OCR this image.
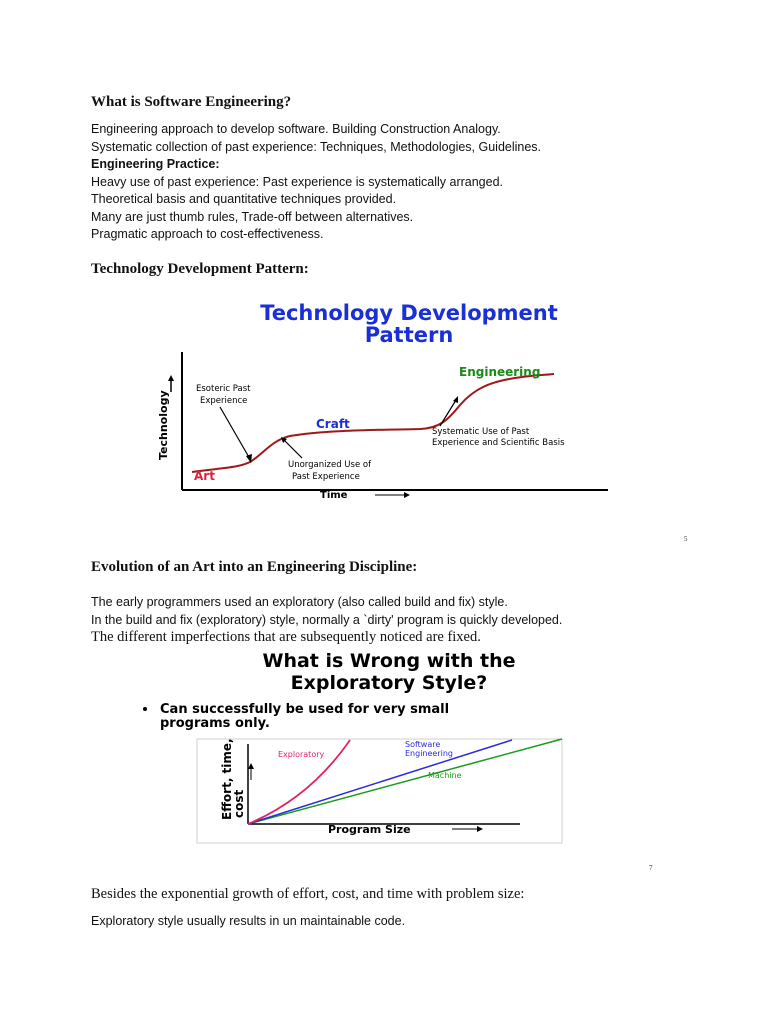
What is Software Engineering?
Engineering approach to develop software. Building Construction Analogy.
Systematic collection of past experience: Techniques, Methodologies, Guidelines.
Engineering Practice:
Heavy use of past experience: Past experience is systematically arranged.
Theoretical basis and quantitative techniques provided.
Many are just thumb rules, Trade-off between alternatives.
Pragmatic approach to cost-effectiveness.
Technology Development Pattern:
Technology Development
Pattern
Technology
Time
Art
Craft
Engineering
Esoteric Past
Experience
Unorganized Use of
Past Experience
Systematic Use of Past
Experience and Scientific Basis
5
Evolution of an Art into an Engineering Discipline:
The early programmers used an exploratory (also called build and fix) style.
In the build and fix (exploratory) style, normally a `dirty' program is quickly developed.
The different imperfections that are subsequently noticed are fixed.
What is Wrong with the
Exploratory Style?
Can successfully be used for very small
programs only.
Exploratory
Software
Engineering
Machine
Effort, time,
cost
Program Size
7
Besides the exponential growth of effort, cost, and time with problem size:
Exploratory style usually results in un maintainable code.
